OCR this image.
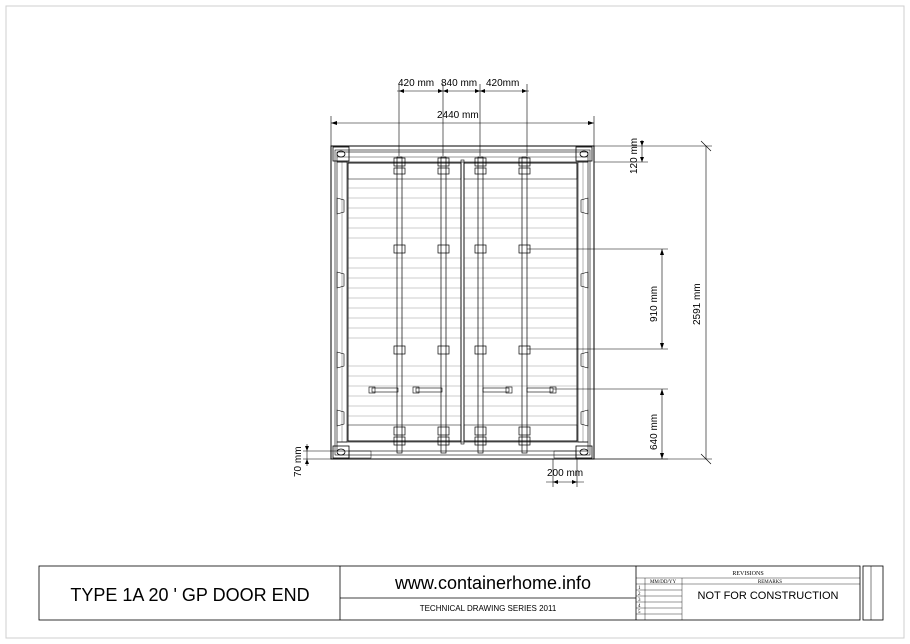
420 mm 840 mm 420mm
2440 mm
120 mm
910 mm	2591 mm
640 mm
70 mm	200 mm
TYPE 1A 20 ' GP DOOR END
www.containerhome.info
TECHNICAL DRAWING SERIES 2011
REVISIONS
MM/DD/YY	REMARKS
1
2
3
4
5
NOT FOR CONSTRUCTION
